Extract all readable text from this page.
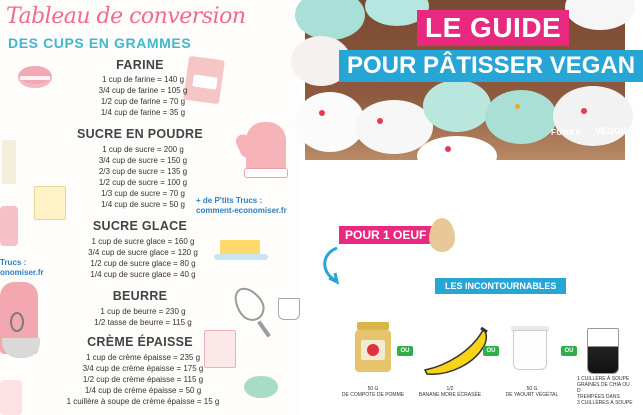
Tableau de conversion
DES CUPS EN GRAMMES
FARINE
1 cup de farine = 140 g
3/4 cup de farine = 105 g
1/2 cup de farine = 70 g
1/4 cup de farine = 35 g
SUCRE EN POUDRE
1 cup de sucre = 200 g
3/4 cup de sucre = 150 g
2/3 cup de sucre = 135 g
1/2 cup de sucre = 100 g
1/3 cup de sucre = 70 g
1/4 cup de sucre = 50 g
SUCRE GLACE
1 cup de sucre glace = 160 g
3/4 cup de sucre glace = 120 g
1/2 cup de sucre glace = 80 g
1/4 cup de sucre glace = 40 g
BEURRE
1 cup de beurre = 230 g
1/2 tasse de beurre = 115 g
CRÈME ÉPAISSE
1 cup de crème épaisse = 235 g
3/4 cup de crème épaisse = 175 g
1/2 cup de crème épaisse = 115 g
1/4 cup de crème épaisse = 50 g
1 cuillère à soupe de crème épaisse = 15 g
+ de P'tits Trucs :
comment-economiser.fr
Trucs :
onomiser.fr
LE GUIDE
POUR PÂTISSER VEGAN
FUNKY VEGGIE
POUR 1 OEUF
LES INCONTOURNABLES
50 G
DE COMPOTE DE POMME
OU
1/2
BANANE MORE ÉCRASÉE
OU
50 G
DE YAOURT VÉGÉTAL
OU
1 CUILLÈRE À SOUPE
GRAINES DE CHIA OU D
TREMPÉES DANS
3 CUILLÈRES À SOUPE
